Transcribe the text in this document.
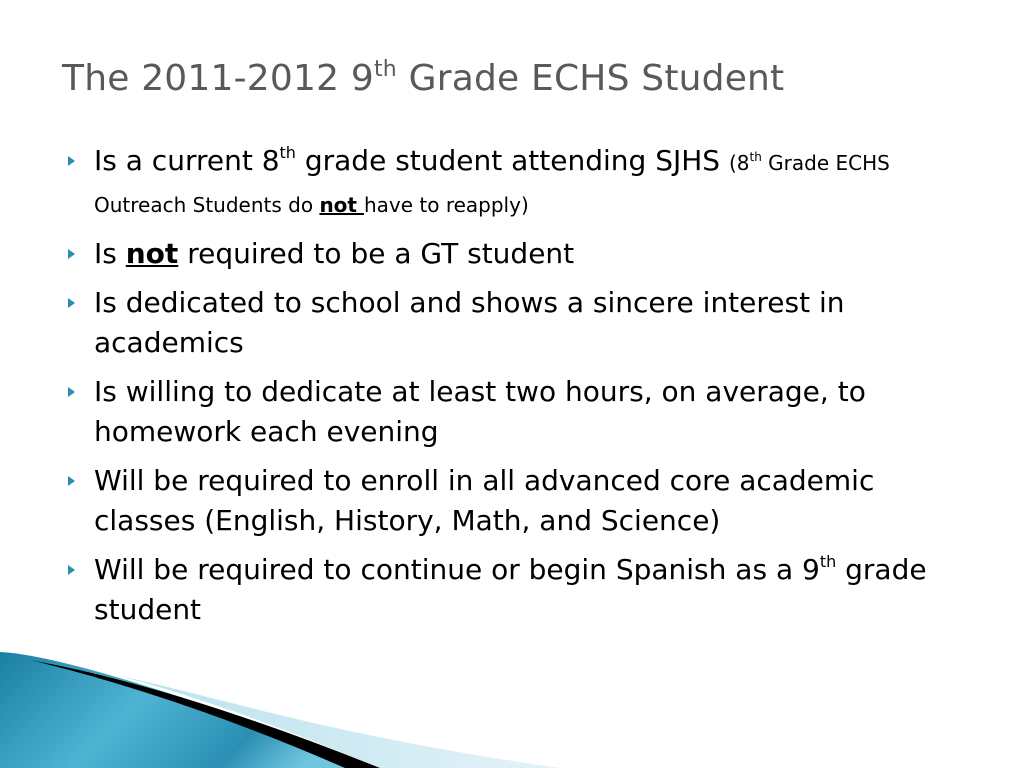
The 2011-2012 9th Grade ECHS Student
Is a current 8th grade student attending SJHS (8th Grade ECHS Outreach Students do not have to reapply)
Is not required to be a GT student
Is dedicated to school and shows a sincere interest in academics
Is willing to dedicate at least two hours, on average, to homework each evening
Will be required to enroll in all advanced core academic classes (English, History, Math, and Science)
Will be required to continue or begin Spanish as a 9th grade student
